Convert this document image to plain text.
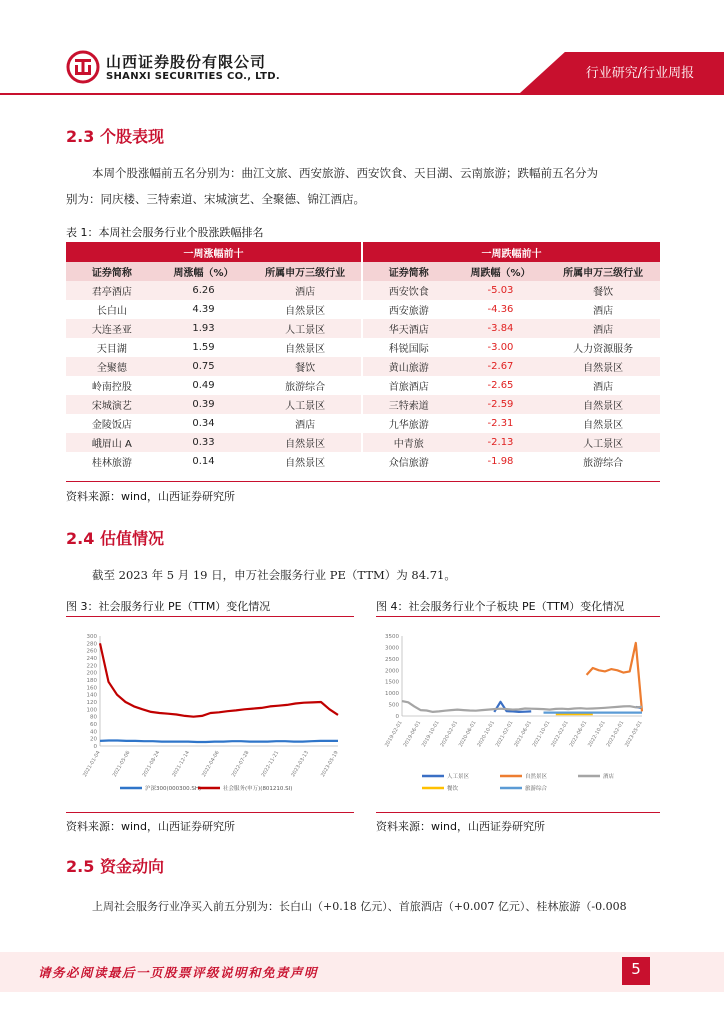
山西证券股份有限公司
SHANXI SECURITIES CO., LTD.	行业研究/行业周报
2.3 个股表现
本周个股涨幅前五名分别为：曲江文旅、西安旅游、西安饮食、天目湖、云南旅游；跌幅前五名分为
别为：同庆楼、三特索道、宋城演艺、全聚德、锦江酒店。
表 1：本周社会服务行业个股涨跌幅排名
一周涨幅前十			一周跌幅前十		
证券简称	周涨幅（%）	所属申万三级行业	证券简称	周跌幅（%）	所属申万三级行业
君亭酒店	6.26	酒店	西安饮食	-5.03	餐饮
长白山	4.39	自然景区	西安旅游	-4.36	酒店
大连圣亚	1.93	人工景区	华天酒店	-3.84	酒店
天目湖	1.59	自然景区	科锐国际	-3.00	人力资源服务
全聚德	0.75	餐饮	黄山旅游	-2.67	自然景区
岭南控股	0.49	旅游综合	首旅酒店	-2.65	酒店
宋城演艺	0.39	人工景区	三特索道	-2.59	自然景区
金陵饭店	0.34	酒店	九华旅游	-2.31	自然景区
峨眉山 A	0.33	自然景区	中青旅	-2.13	人工景区
桂林旅游	0.14	自然景区	众信旅游	-1.98	旅游综合
资料来源：wind，山西证券研究所
2.4 估值情况
截至 2023 年 5 月 19 日，申万社会服务行业 PE（TTM）为 84.71。
图 3：社会服务行业 PE（TTM）变化情况	图 4：社会服务行业个子板块 PE（TTM）变化情况
300
280
260
240
220
200
180
160
140
120
100
80
60
40
20
0
2021-01-04 2021-05-06 2021-08-24 2021-12-14 2022-04-06 2022-07-28 2022-11-21 2023-03-13 2023-05-19
沪深300(000300.SH)	社会服务(申万)(801210.SI)
3500
3000
2500
2000
1500
1000
500
0
2019-02-01
2019-06-01
2019-10-01
2020-02-01
2020-06-01
2020-10-01
2021-02-01
2021-06-01
2021-10-01
2022-02-01
2022-06-01
2022-10-01
2023-02-01
2023-05-01
人工景区	自然景区	酒店
餐饮	旅游综合
资料来源：wind，山西证券研究所	资料来源：wind，山西证券研究所
2.5 资金动向
上周社会服务行业净买入前五分别为：长白山（+0.18 亿元）、首旅酒店（+0.007 亿元）、桂林旅游（-0.008
请务必阅读最后一页股票评级说明和免责声明	5
